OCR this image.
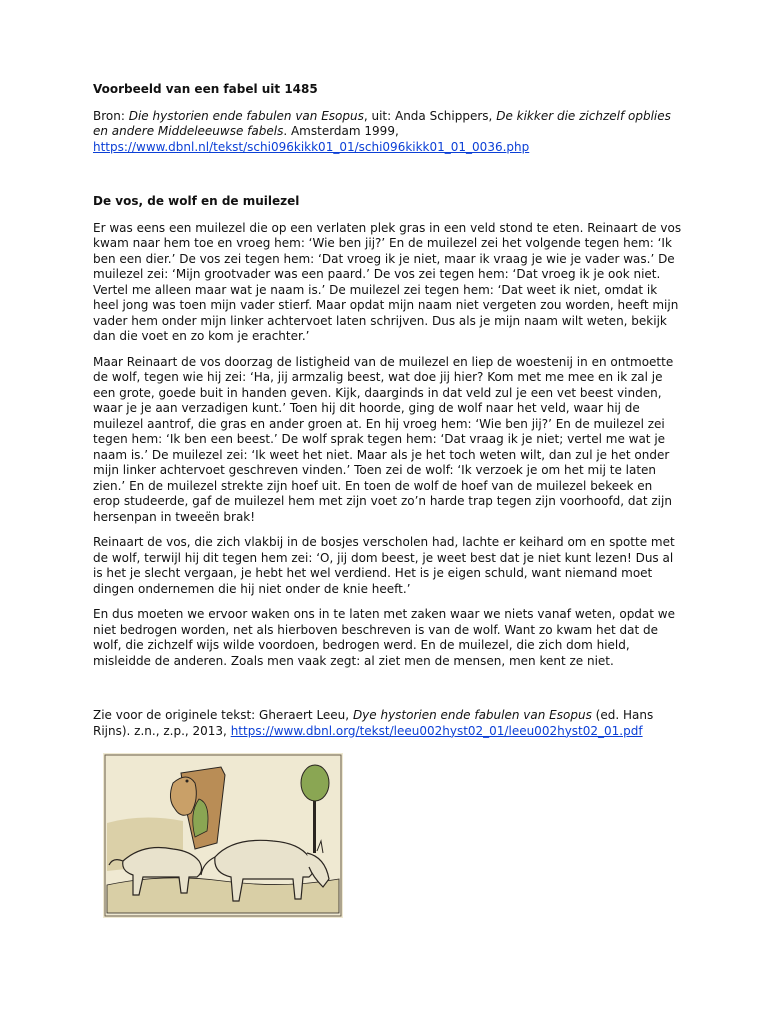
Voorbeeld van een fabel uit 1485

Bron: Die hystorien ende fabulen van Esopus, uit: Anda Schippers, De kikker die zichzelf opblies en andere Middeleeuwse fabels. Amsterdam 1999,
https://www.dbnl.nl/tekst/schi096kikk01_01/schi096kikk01_01_0036.php

De vos, de wolf en de muilezel

Er was eens een muilezel die op een verlaten plek gras in een veld stond te eten. Reinaart de vos kwam naar hem toe en vroeg hem: ‘Wie ben jij?’ En de muilezel zei het volgende tegen hem: ‘Ik ben een dier.’ De vos zei tegen hem: ‘Dat vroeg ik je niet, maar ik vraag je wie je vader was.’ De muilezel zei: ‘Mijn grootvader was een paard.’ De vos zei tegen hem: ‘Dat vroeg ik je ook niet. Vertel me alleen maar wat je naam is.’ De muilezel zei tegen hem: ‘Dat weet ik niet, omdat ik heel jong was toen mijn vader stierf. Maar opdat mijn naam niet vergeten zou worden, heeft mijn vader hem onder mijn linker achtervoet laten schrijven. Dus als je mijn naam wilt weten, bekijk dan die voet en zo kom je erachter.’

Maar Reinaart de vos doorzag de listigheid van de muilezel en liep de woestenij in en ontmoette de wolf, tegen wie hij zei: ‘Ha, jij armzalig beest, wat doe jij hier? Kom met me mee en ik zal je een grote, goede buit in handen geven. Kijk, daarginds in dat veld zul je een vet beest vinden, waar je je aan verzadigen kunt.’ Toen hij dit hoorde, ging de wolf naar het veld, waar hij de muilezel aantrof, die gras en ander groen at. En hij vroeg hem: ‘Wie ben jij?’ En de muilezel zei tegen hem: ‘Ik ben een beest.’ De wolf sprak tegen hem: ‘Dat vraag ik je niet; vertel me wat je naam is.’ De muilezel zei: ‘Ik weet het niet. Maar als je het toch weten wilt, dan zul je het onder mijn linker achtervoet geschreven vinden.’ Toen zei de wolf: ‘Ik verzoek je om het mij te laten zien.’ En de muilezel strekte zijn hoef uit. En toen de wolf de hoef van de muilezel bekeek en erop studeerde, gaf de muilezel hem met zijn voet zo’n harde trap tegen zijn voorhoofd, dat zijn hersenpan in tweeën brak!

Reinaart de vos, die zich vlakbij in de bosjes verscholen had, lachte er keihard om en spotte met de wolf, terwijl hij dit tegen hem zei: ‘O, jij dom beest, je weet best dat je niet kunt lezen! Dus al is het je slecht vergaan, je hebt het wel verdiend. Het is je eigen schuld, want niemand moet dingen ondernemen die hij niet onder de knie heeft.’

En dus moeten we ervoor waken ons in te laten met zaken waar we niets vanaf weten, opdat we niet bedrogen worden, net als hierboven beschreven is van de wolf. Want zo kwam het dat de wolf, die zichzelf wijs wilde voordoen, bedrogen werd. En de muilezel, die zich dom hield, misleidde de anderen. Zoals men vaak zegt: al ziet men de mensen, men kent ze niet.

Zie voor de originele tekst: Gheraert Leeu, Dye hystorien ende fabulen van Esopus (ed. Hans Rijns). z.n., z.p., 2013, https://www.dbnl.org/tekst/leeu002hyst02_01/leeu002hyst02_01.pdf
